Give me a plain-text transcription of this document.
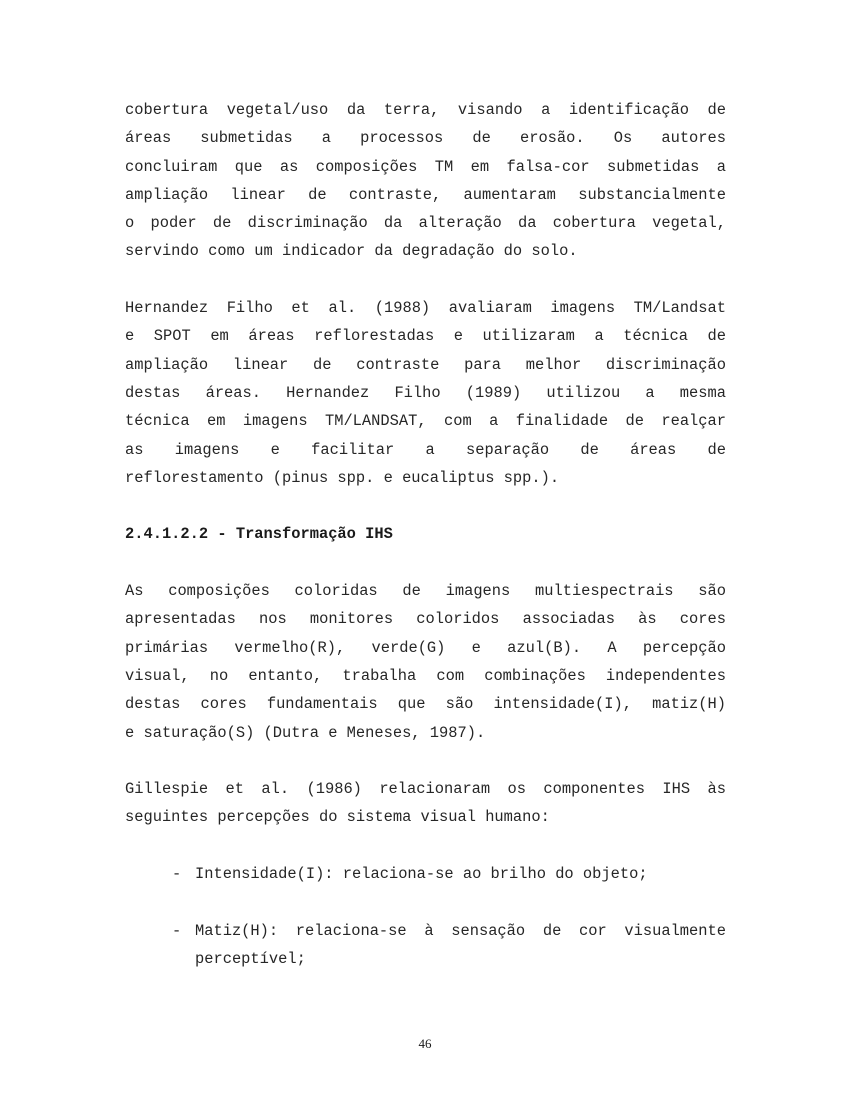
cobertura vegetal/uso da terra, visando a identificação de
áreas submetidas a processos de erosão. Os autores
concluiram que as composições TM em falsa-cor submetidas a
ampliação linear de contraste, aumentaram substancialmente
o poder de discriminação da alteração da cobertura vegetal,
servindo como um indicador da degradação do solo.
Hernandez Filho et al. (1988) avaliaram imagens TM/Landsat
e SPOT em áreas reflorestadas e utilizaram a técnica de
ampliação linear de contraste para melhor discriminação
destas áreas. Hernandez Filho (1989) utilizou a mesma
técnica em imagens TM/LANDSAT, com a finalidade de realçar
as imagens e facilitar a separação de áreas de
reflorestamento (pinus spp. e eucaliptus spp.).
2.4.1.2.2 - Transformação IHS
As composições coloridas de imagens multiespectrais são
apresentadas nos monitores coloridos associadas às cores
primárias vermelho(R), verde(G) e azul(B). A percepção
visual, no entanto, trabalha com combinações independentes
destas cores fundamentais que são intensidade(I), matiz(H)
e saturação(S) (Dutra e Meneses, 1987).
Gillespie et al. (1986) relacionaram os componentes IHS às
seguintes percepções do sistema visual humano:
- Intensidade(I): relaciona-se ao brilho do objeto;
- Matiz(H): relaciona-se à sensação de cor visualmente
perceptível;
46
